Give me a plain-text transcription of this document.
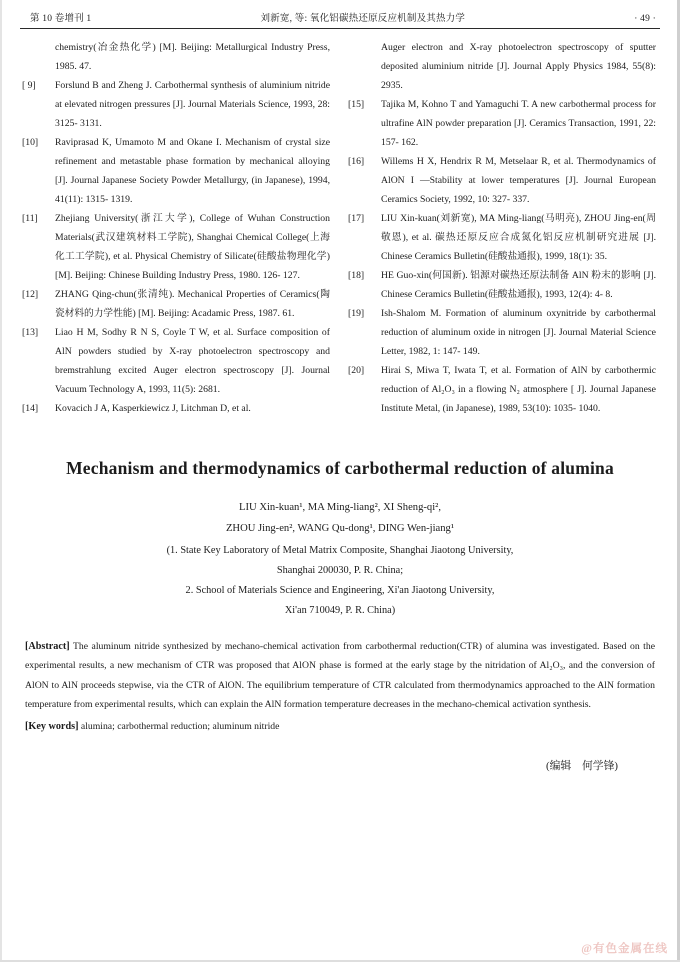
第 10 卷增刊 1	刘新宽, 等: 氧化铝碳热还原反应机制及其热力学	· 49 ·
chemistry(冶金热化学) [M]. Beijing: Metallurgical Industry Press, 1985. 47.
[ 9]	Forslund B and Zheng J. Carbothermal synthesis of aluminium nitride at elevated nitrogen pressures [J]. Journal Materials Science, 1993, 28: 3125- 3131.
[10]	Raviprasad K, Umamoto M and Okane I. Mechanism of crystal size refinement and metastable phase formation by mechanical alloying [J]. Journal Japanese Society Powder Metallurgy, (in Japanese), 1994, 41(11): 1315- 1319.
[11]	Zhejiang University(浙江大学), College of Wuhan Construction Materials(武汉建筑材料工学院), Shanghai Chemical College(上海化工工学院), et al. Physical Chemistry of Silicate(硅酸盐物理化学) [M]. Beijing: Chinese Building Industry Press, 1980. 126- 127.
[12]	ZHANG Qing-chun(张清纯). Mechanical Properties of Ceramics(陶瓷材料的力学性能) [M]. Beijing: Acadamic Press, 1987. 61.
[13]	Liao H M, Sodhy R N S, Coyle T W, et al. Surface composition of AlN powders studied by X-ray photoelectron spectroscopy and bremstrahlung excited Auger electron spectroscopy [J]. Journal Vacuum Technology A, 1993, 11(5): 2681.
[14]	Kovacich J A, Kasperkiewicz J, Litchman D, et al.
Auger electron and X-ray photoelectron spectroscopy of sputter deposited aluminium nitride [J]. Journal Apply Physics 1984, 55(8): 2935.
[15]	Tajika M, Kohno T and Yamaguchi T. A new carbothermal process for ultrafine AlN powder preparation [J]. Ceramics Transaction, 1991, 22: 157- 162.
[16]	Willems H X, Hendrix R M, Metselaar R, et al. Thermodynamics of AlON I —Stability at lower temperatures [J]. Journal European Ceramics Society, 1992, 10: 327- 337.
[17]	LIU Xin-kuan(刘新宽), MA Ming-liang(马明亮), ZHOU Jing-en(周敬恩), et al. 碳热还原反应合成氮化铝反应机制研究进展 [J]. Chinese Ceramics Bulletin(硅酸盐通报), 1999, 18(1): 35.
[18]	HE Guo-xin(何国新). 铝源对碳热还原法制备 AlN 粉末的影响 [J]. Chinese Ceramics Bulletin(硅酸盐通报), 1993, 12(4): 4- 8.
[19]	Ish-Shalom M. Formation of aluminum oxynitride by carbothermal reduction of aluminum oxide in nitrogen [J]. Journal Material Science Letter, 1982, 1: 147- 149.
[20]	Hirai S, Miwa T, Iwata T, et al. Formation of AlN by carbothermic reduction of Al₂O₃ in a flowing N₂ atmosphere [ J]. Journal Japanese Institute Metal, (in Japanese), 1989, 53(10): 1035- 1040.
Mechanism and thermodynamics of carbothermal reduction of alumina
LIU Xin-kuan¹, MA Ming-liang², XI Sheng-qi²,
ZHOU Jing-en², WANG Qu-dong¹, DING Wen-jiang¹
(1. State Key Laboratory of Metal Matrix Composite, Shanghai Jiaotong University,
Shanghai 200030, P. R. China;
2. School of Materials Science and Engineering, Xi'an Jiaotong University,
Xi'an 710049, P. R. China)

[Abstract] The aluminum nitride synthesized by mechano-chemical activation from carbothermal reduction(CTR) of alumina was investigated. Based on the experimental results, a new mechanism of CTR was proposed that AlON phase is formed at the early stage by the nitridation of Al₂O₃, and the conversion of AlON to AlN proceeds stepwise, via the CTR of AlON. The equilibrium temperature of CTR calculated from thermodynamics approached to the AlN formation temperature from experimental results, which can explain the AlN formation temperature decreases in the mechano-chemical activation synthesis.

[Key words] alumina; carbothermal reduction; aluminum nitride

(编辑　何学锋)
@有色金属在线
